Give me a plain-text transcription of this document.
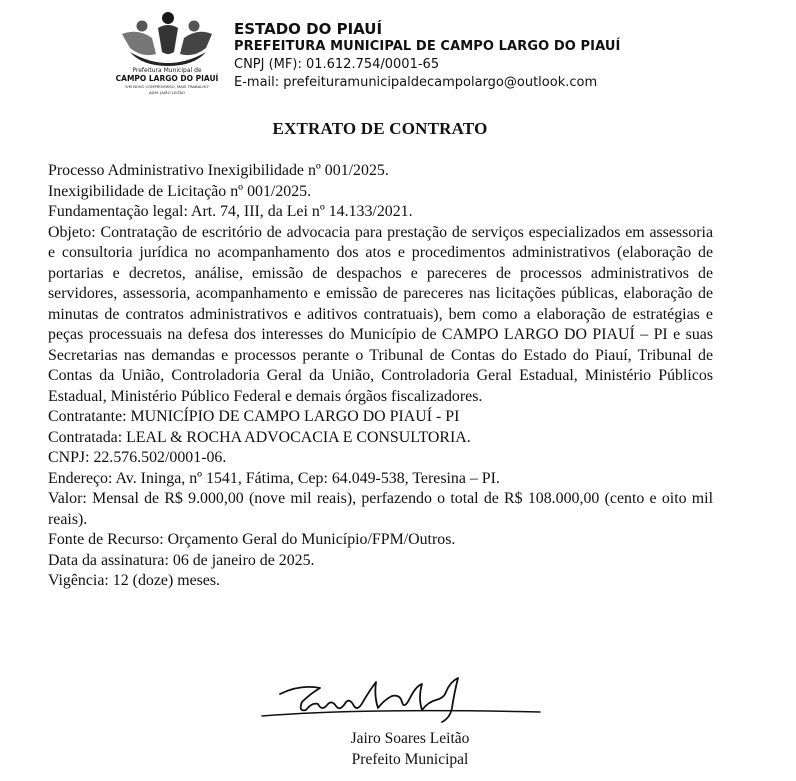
Prefeitura Municipal de
CAMPO LARGO DO PIAUÍ
"UM NOVO COMPROMISSO, MAIS TRABALHO"
ADM: JAIRO LEITÃO
ESTADO DO PIAUÍ
PREFEITURA MUNICIPAL DE CAMPO LARGO DO PIAUÍ
CNPJ (MF): 01.612.754/0001-65
E-mail: prefeituramunicipaldecampolargo@outlook.com
EXTRATO DE CONTRATO

Processo Administrativo Inexigibilidade nº 001/2025.

Inexigibilidade de Licitação nº 001/2025.

Fundamentação legal: Art. 74, III, da Lei nº 14.133/2021.

Objeto: Contratação de escritório de advocacia para prestação de serviços especializados em assessoria e consultoria jurídica no acompanhamento dos atos e procedimentos administrativos (elaboração de portarias e decretos, análise, emissão de despachos e pareceres de processos administrativos de servidores, assessoria, acompanhamento e emissão de pareceres nas licitações públicas, elaboração de minutas de contratos administrativos e aditivos contratuais), bem como a elaboração de estratégias e peças processuais na defesa dos interesses do Município de CAMPO LARGO DO PIAUÍ – PI e suas Secretarias nas demandas e processos perante o Tribunal de Contas do Estado do Piauí, Tribunal de Contas da União, Controladoria Geral da União, Controladoria Geral Estadual, Ministério Públicos Estadual, Ministério Público Federal e demais órgãos fiscalizadores.

Contratante: MUNICÍPIO DE CAMPO LARGO DO PIAUÍ - PI

Contratada: LEAL & ROCHA ADVOCACIA E CONSULTORIA.

CNPJ: 22.576.502/0001-06.

Endereço: Av. Ininga, nº 1541, Fátima, Cep: 64.049-538, Teresina – PI.

Valor: Mensal de R$ 9.000,00 (nove mil reais), perfazendo o total de R$ 108.000,00 (cento e oito mil reais).

Fonte de Recurso: Orçamento Geral do Município/FPM/Outros.

Data da assinatura: 06 de janeiro de 2025.

Vigência: 12 (doze) meses.

Jairo Soares Leitão
Prefeito Municipal
